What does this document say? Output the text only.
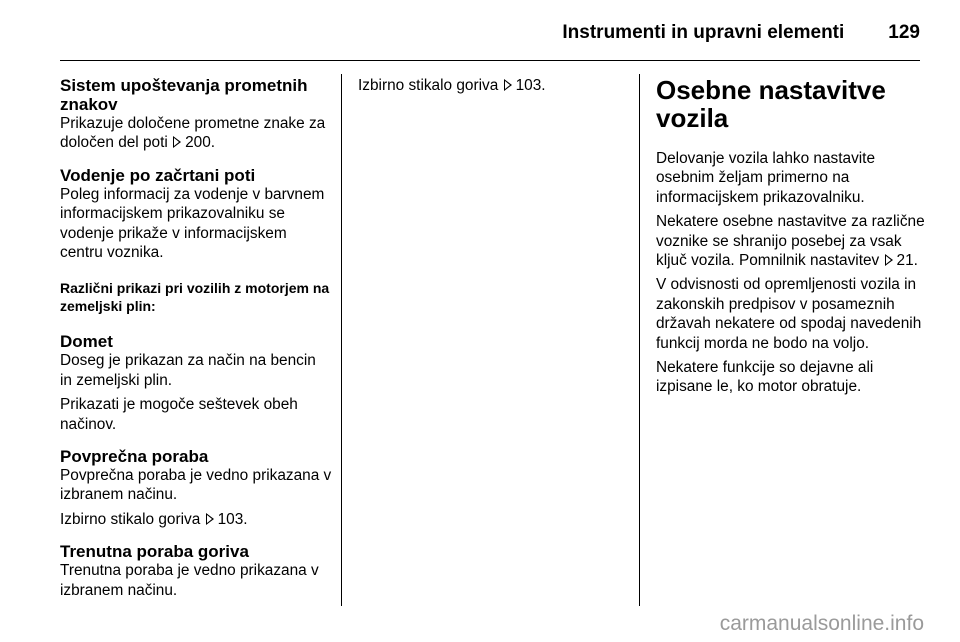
Instrumenti in upravni elementi 129
Sistem upoštevanja prometnih znakov

Prikazuje določene prometne znake za določen del poti 200.

Vodenje po začrtani poti

Poleg informacij za vodenje v barvnem informacijskem prikazovalniku se vodenje prikaže v informacijskem centru voznika.

Različni prikazi pri vozilih z motorjem na zemeljski plin:
Domet

Doseg je prikazan za način na bencin in zemeljski plin.

Prikazati je mogoče seštevek obeh načinov.

Povprečna poraba

Povprečna poraba je vedno prikazana v izbranem načinu.

Izbirno stikalo goriva 103.

Trenutna poraba goriva

Trenutna poraba je vedno prikazana v izbranem načinu.

Izbirno stikalo goriva 103.	Osebne nastavitve vozila

Delovanje vozila lahko nastavite osebnim željam primerno na informacijskem prikazovalniku.

Nekatere osebne nastavitve za različne voznike se shranijo posebej za vsak ključ vozila. Pomnilnik nastavitev 21.

V odvisnosti od opremljenosti vozila in zakonskih predpisov v posameznih državah nekatere od spodaj navedenih funkcij morda ne bodo na voljo.

Nekatere funkcije so dejavne ali izpisane le, ko motor obratuje.

carmanualsonline.info
